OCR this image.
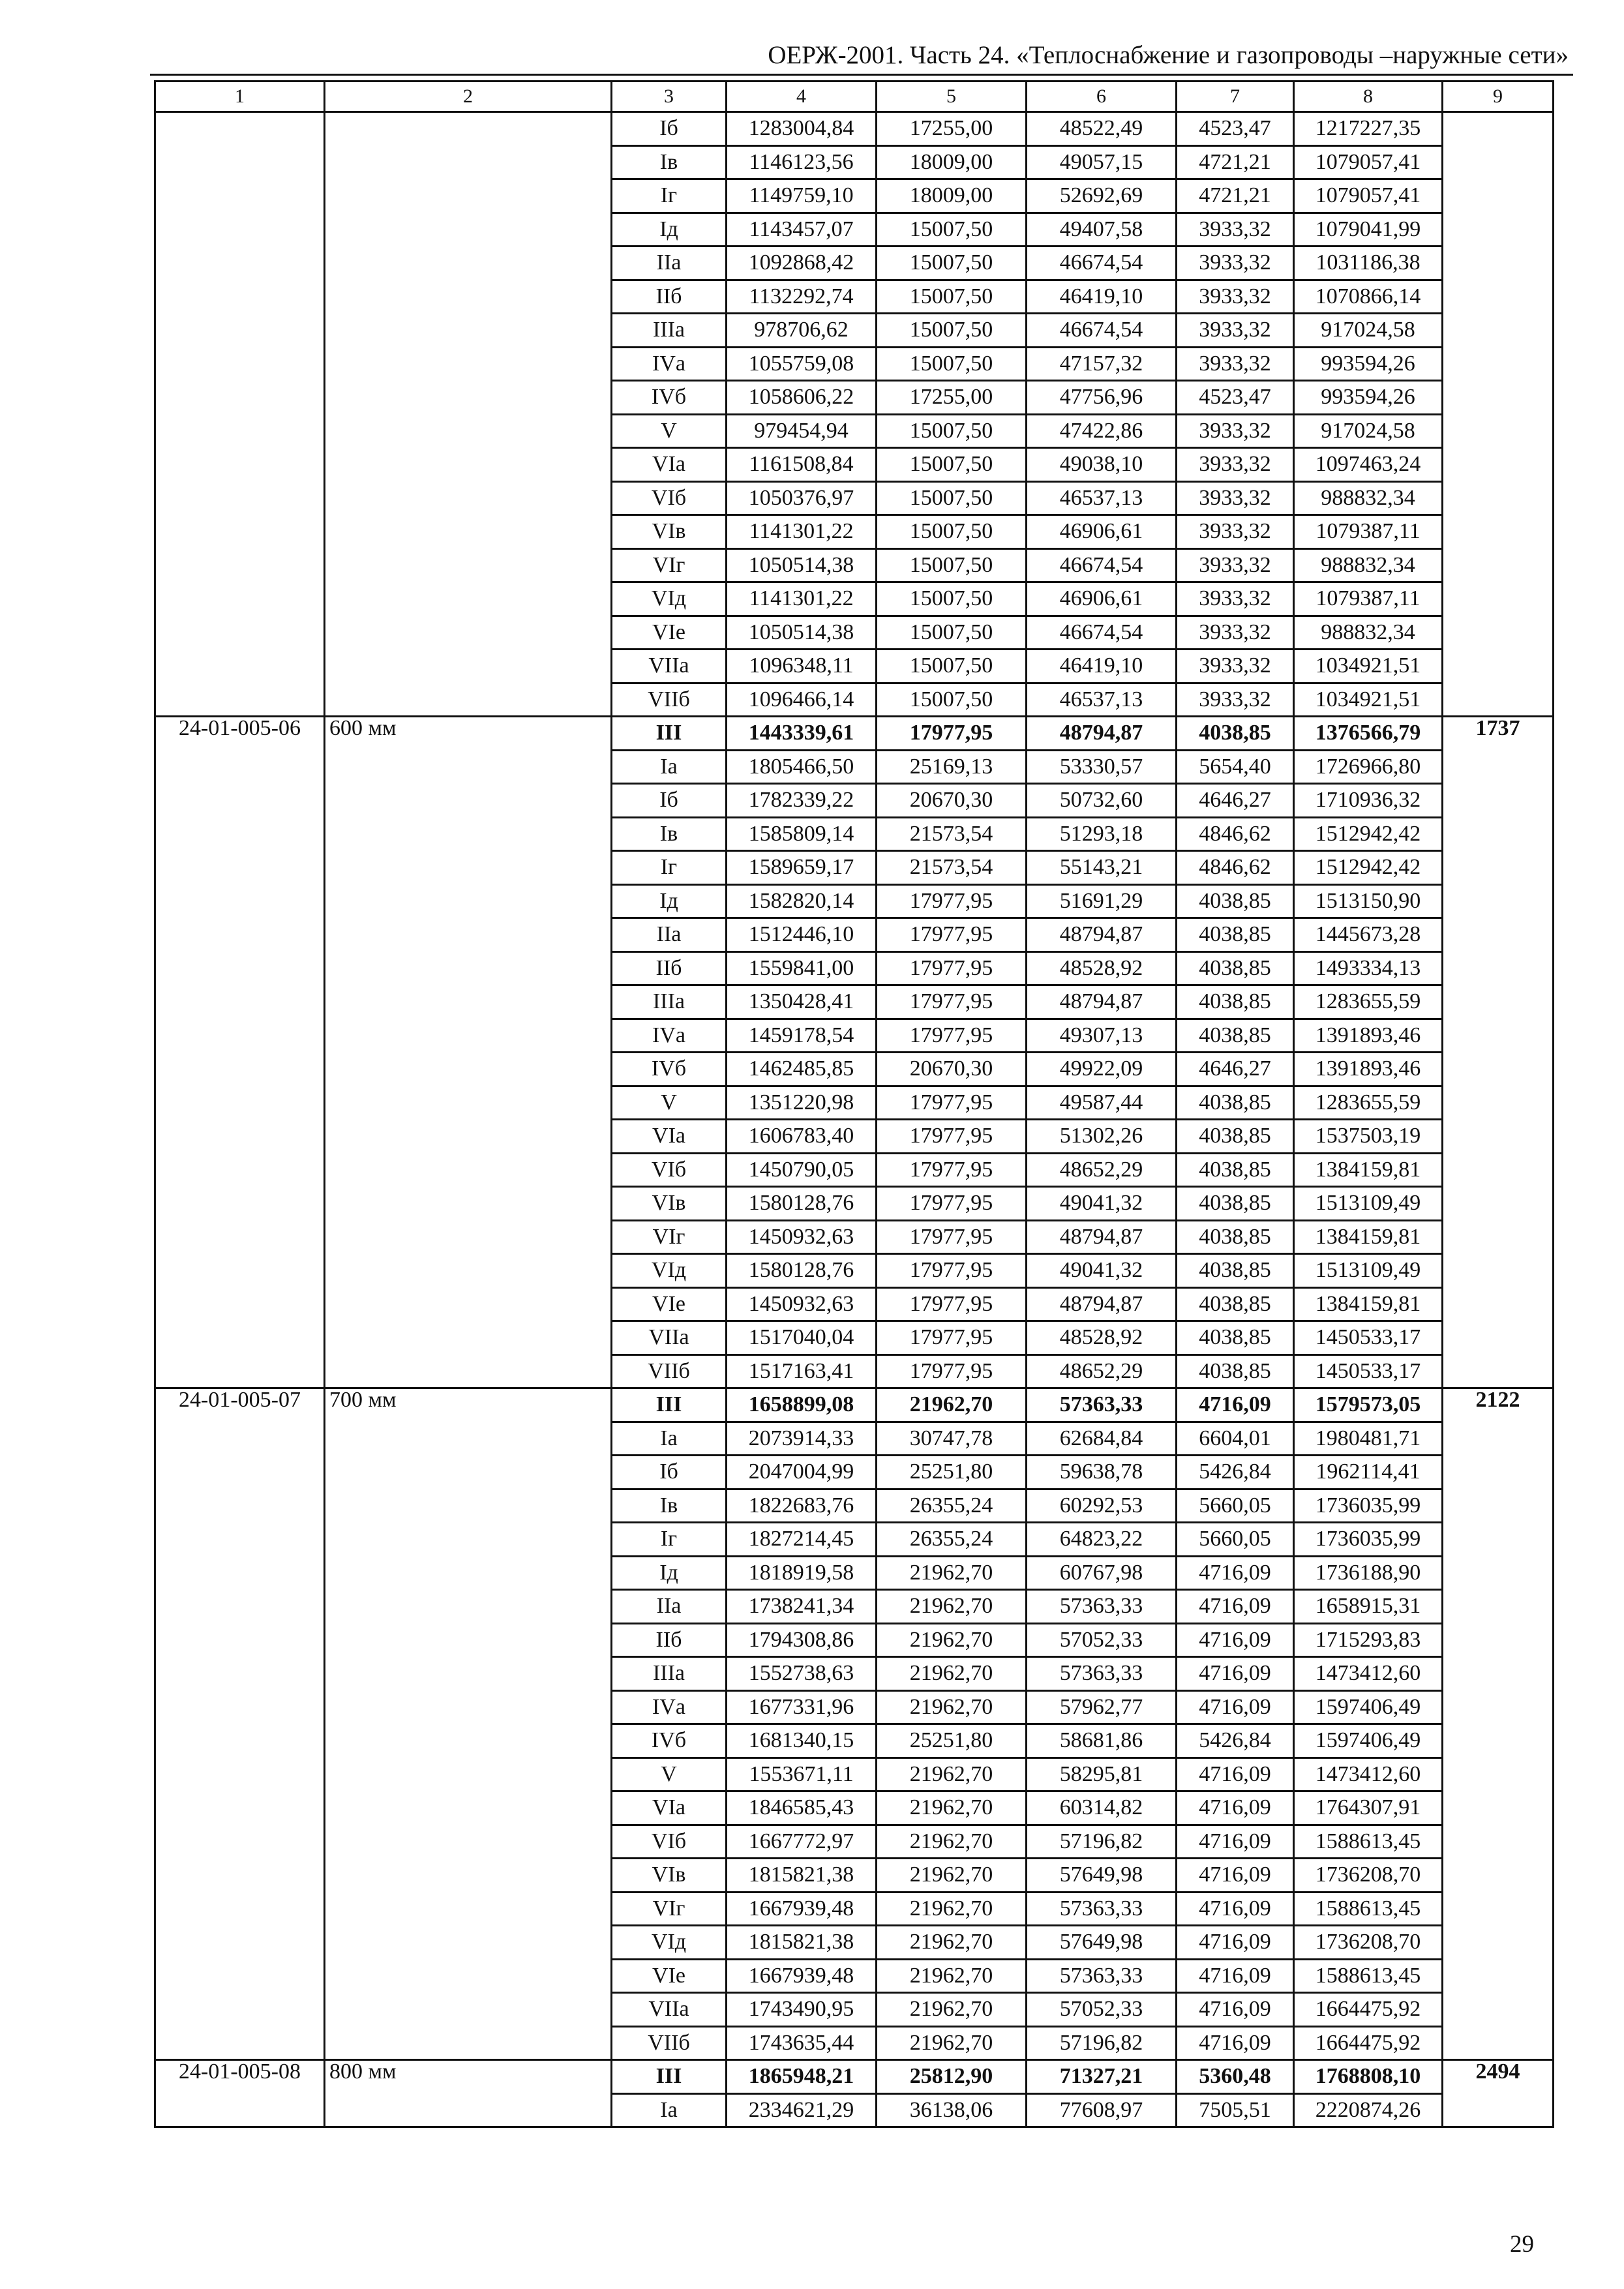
ОЕРЖ-2001. Часть 24. «Теплоснабжение и газопроводы –наружные сети»
1	2	3	4	5	6	7	8	9
		Iб	1283004,84	17255,00	48522,49	4523,47	1217227,35	
		Iв	1146123,56	18009,00	49057,15	4721,21	1079057,41	
		Iг	1149759,10	18009,00	52692,69	4721,21	1079057,41	
		Iд	1143457,07	15007,50	49407,58	3933,32	1079041,99	
		IIа	1092868,42	15007,50	46674,54	3933,32	1031186,38	
		IIб	1132292,74	15007,50	46419,10	3933,32	1070866,14	
		IIIа	978706,62	15007,50	46674,54	3933,32	917024,58	
		IVа	1055759,08	15007,50	47157,32	3933,32	993594,26	
		IVб	1058606,22	17255,00	47756,96	4523,47	993594,26	
		V	979454,94	15007,50	47422,86	3933,32	917024,58	
		VIа	1161508,84	15007,50	49038,10	3933,32	1097463,24	
		VIб	1050376,97	15007,50	46537,13	3933,32	988832,34	
		VIв	1141301,22	15007,50	46906,61	3933,32	1079387,11	
		VIг	1050514,38	15007,50	46674,54	3933,32	988832,34	
		VIд	1141301,22	15007,50	46906,61	3933,32	1079387,11	
		VIе	1050514,38	15007,50	46674,54	3933,32	988832,34	
		VIIа	1096348,11	15007,50	46419,10	3933,32	1034921,51	
		VIIб	1096466,14	15007,50	46537,13	3933,32	1034921,51	
24-01-005-06	600 мм	III	1443339,61	17977,95	48794,87	4038,85	1376566,79	1737
		Iа	1805466,50	25169,13	53330,57	5654,40	1726966,80	
		Iб	1782339,22	20670,30	50732,60	4646,27	1710936,32	
		Iв	1585809,14	21573,54	51293,18	4846,62	1512942,42	
		Iг	1589659,17	21573,54	55143,21	4846,62	1512942,42	
		Iд	1582820,14	17977,95	51691,29	4038,85	1513150,90	
		IIа	1512446,10	17977,95	48794,87	4038,85	1445673,28	
		IIб	1559841,00	17977,95	48528,92	4038,85	1493334,13	
		IIIа	1350428,41	17977,95	48794,87	4038,85	1283655,59	
		IVа	1459178,54	17977,95	49307,13	4038,85	1391893,46	
		IVб	1462485,85	20670,30	49922,09	4646,27	1391893,46	
		V	1351220,98	17977,95	49587,44	4038,85	1283655,59	
		VIа	1606783,40	17977,95	51302,26	4038,85	1537503,19	
		VIб	1450790,05	17977,95	48652,29	4038,85	1384159,81	
		VIв	1580128,76	17977,95	49041,32	4038,85	1513109,49	
		VIг	1450932,63	17977,95	48794,87	4038,85	1384159,81	
		VIд	1580128,76	17977,95	49041,32	4038,85	1513109,49	
		VIе	1450932,63	17977,95	48794,87	4038,85	1384159,81	
		VIIа	1517040,04	17977,95	48528,92	4038,85	1450533,17	
		VIIб	1517163,41	17977,95	48652,29	4038,85	1450533,17	
24-01-005-07	700 мм	III	1658899,08	21962,70	57363,33	4716,09	1579573,05	2122
		Iа	2073914,33	30747,78	62684,84	6604,01	1980481,71	
		Iб	2047004,99	25251,80	59638,78	5426,84	1962114,41	
		Iв	1822683,76	26355,24	60292,53	5660,05	1736035,99	
		Iг	1827214,45	26355,24	64823,22	5660,05	1736035,99	
		Iд	1818919,58	21962,70	60767,98	4716,09	1736188,90	
		IIа	1738241,34	21962,70	57363,33	4716,09	1658915,31	
		IIб	1794308,86	21962,70	57052,33	4716,09	1715293,83	
		IIIа	1552738,63	21962,70	57363,33	4716,09	1473412,60	
		IVа	1677331,96	21962,70	57962,77	4716,09	1597406,49	
		IVб	1681340,15	25251,80	58681,86	5426,84	1597406,49	
		V	1553671,11	21962,70	58295,81	4716,09	1473412,60	
		VIа	1846585,43	21962,70	60314,82	4716,09	1764307,91	
		VIб	1667772,97	21962,70	57196,82	4716,09	1588613,45	
		VIв	1815821,38	21962,70	57649,98	4716,09	1736208,70	
		VIг	1667939,48	21962,70	57363,33	4716,09	1588613,45	
		VIд	1815821,38	21962,70	57649,98	4716,09	1736208,70	
		VIе	1667939,48	21962,70	57363,33	4716,09	1588613,45	
		VIIа	1743490,95	21962,70	57052,33	4716,09	1664475,92	
		VIIб	1743635,44	21962,70	57196,82	4716,09	1664475,92	
24-01-005-08	800 мм	III	1865948,21	25812,90	71327,21	5360,48	1768808,10	2494
		Iа	2334621,29	36138,06	77608,97	7505,51	2220874,26	
29
